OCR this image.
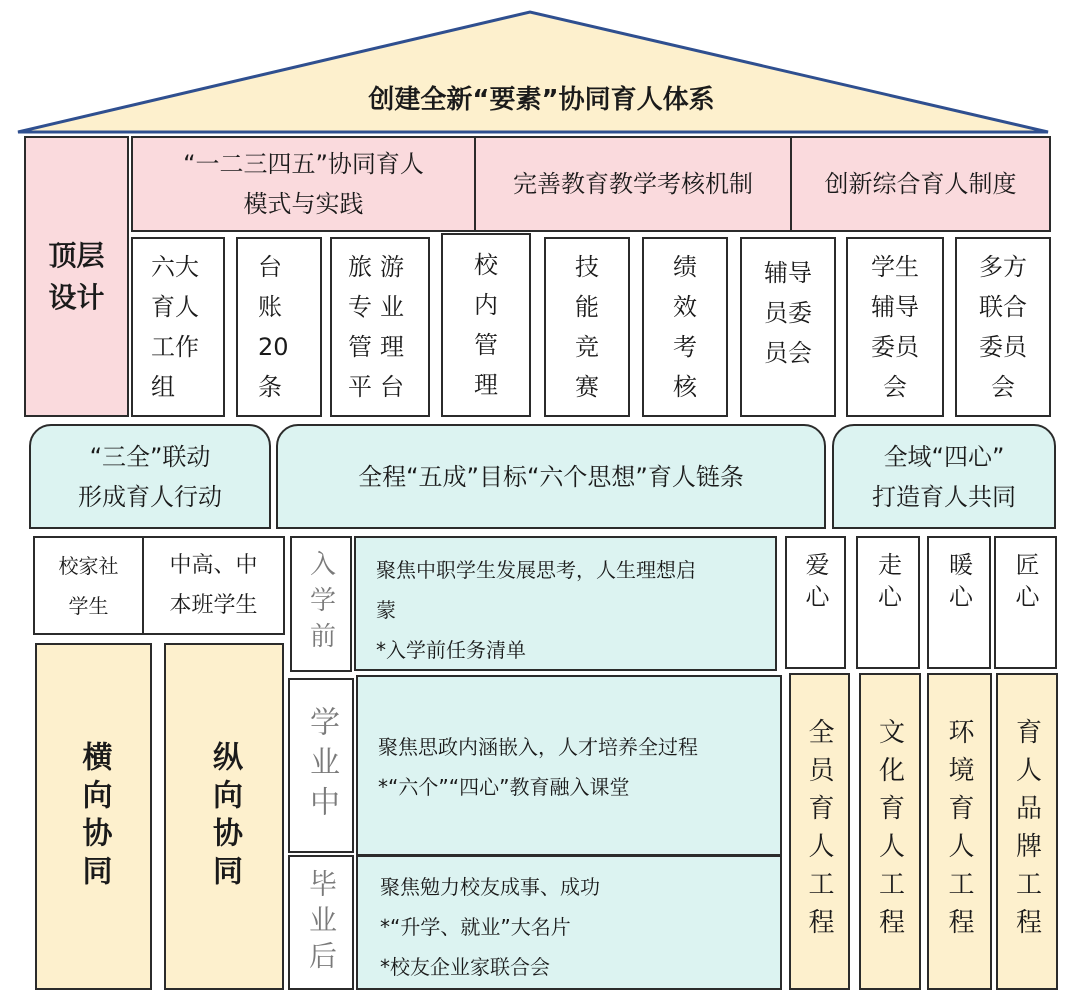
创建全新“要素”协同育人体系
顶层
设计
“一二三四五”协同育人
模式与实践
完善教育教学考核机制	创新综合育人制度
六大育人工作组
台账20条
旅游专业管理平台
校内管理
技能竞赛
绩效考核
辅导员委员会
学生辅导委员会
多方联合委员会
“三全”联动
形成育人行动
全程“五成”目标“六个思想”育人链条
全域“四心”
打造育人共同
校家社
学生
中高、中
本班学生
横向协同	纵向协同
入学前
学业中
毕业后
聚焦中职学生发展思考，人生理想启
蒙
*入学前任务清单
聚焦思政内涵嵌入，人才培养全过程
*“六个”“四心”教育融入课堂
聚焦勉力校友成事、成功
*“升学、就业”大名片
*校友企业家联合会
爱心 走心 暖心 匠心
全员育人工程 文化育人工程 环境育人工程 育人品牌工程
